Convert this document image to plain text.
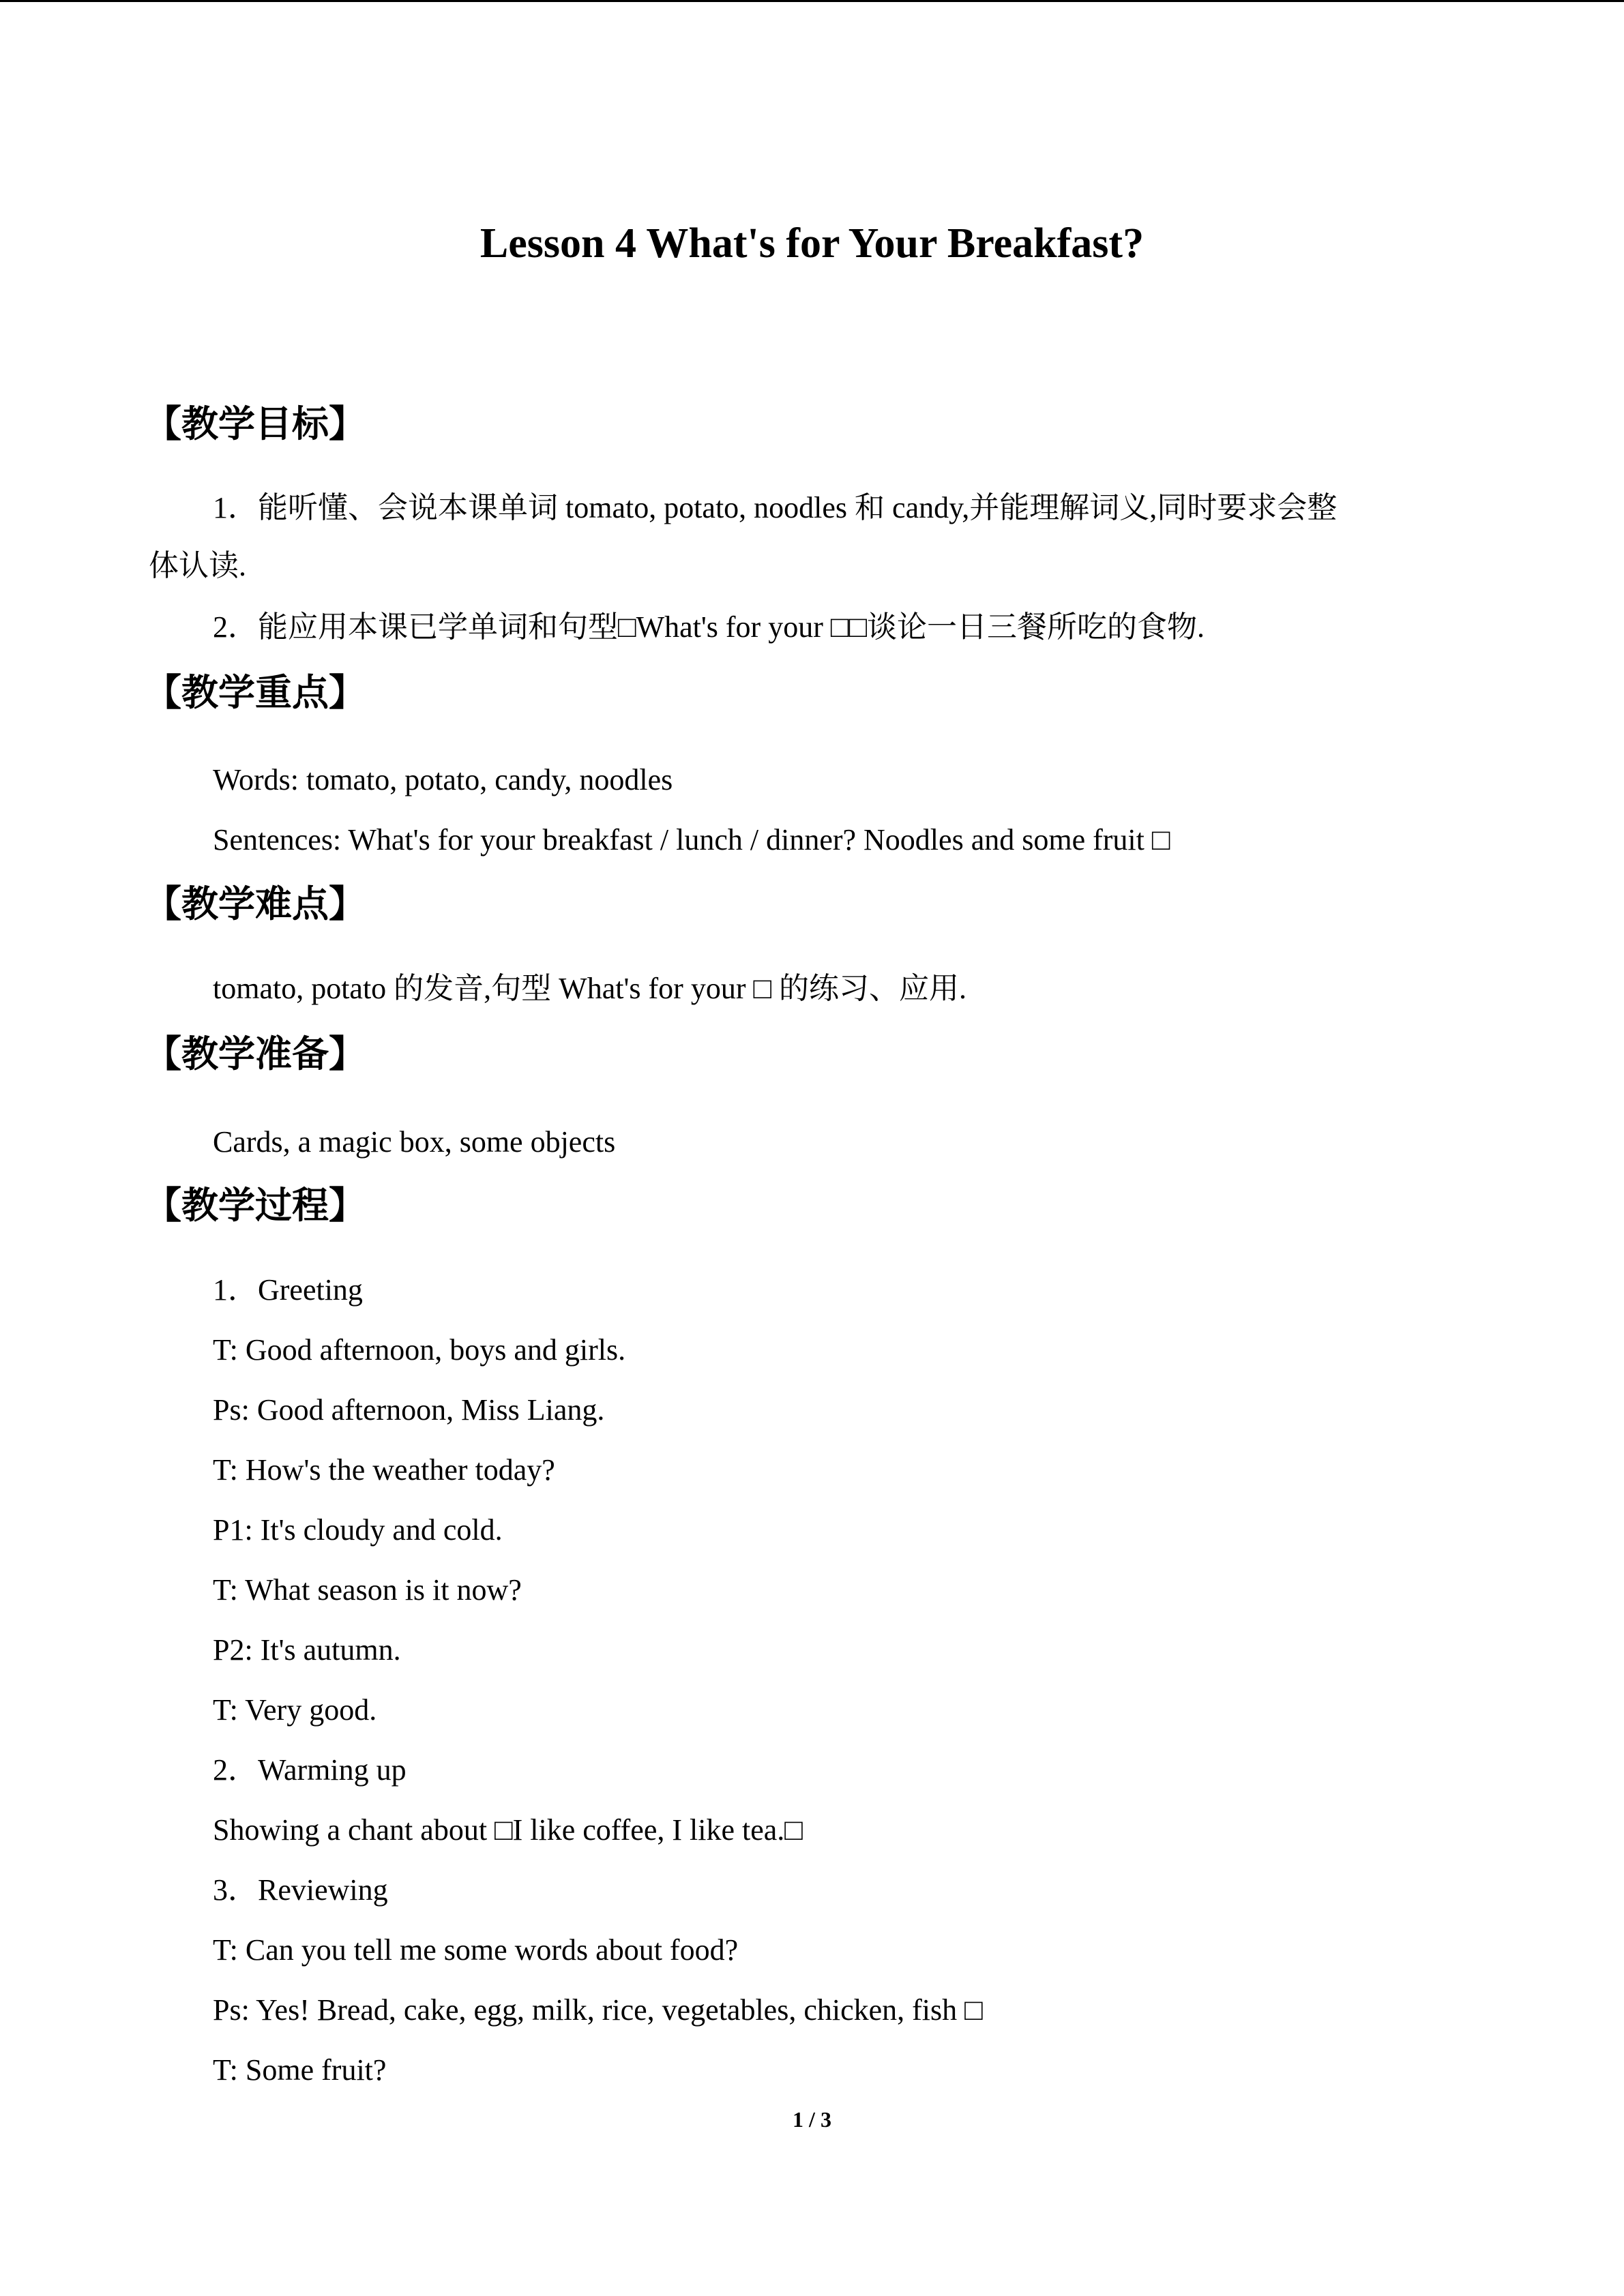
Lesson 4 What's for Your Breakfast?
【教学目标】
1．能听懂、会说本课单词 tomato, potato, noodles 和 candy,并能理解词义,同时要求会整
体认读.
2．能应用本课已学单词和句型□What's for your □□谈论一日三餐所吃的食物.
【教学重点】
Words: tomato, potato, candy, noodles
Sentences: What's for your breakfast / lunch / dinner? Noodles and some fruit □
【教学难点】
tomato, potato 的发音,句型 What's for your □ 的练习、应用.
【教学准备】
Cards, a magic box, some objects
【教学过程】
1．Greeting
T: Good afternoon, boys and girls.
Ps: Good afternoon, Miss Liang.
T: How's the weather today?
P1: It's cloudy and cold.
T: What season is it now?
P2: It's autumn.
T: Very good.
2．Warming up
Showing a chant about □I like coffee, I like tea.□
3．Reviewing
T: Can you tell me some words about food?
Ps: Yes! Bread, cake, egg, milk, rice, vegetables, chicken, fish □
T: Some fruit?
1 / 3
